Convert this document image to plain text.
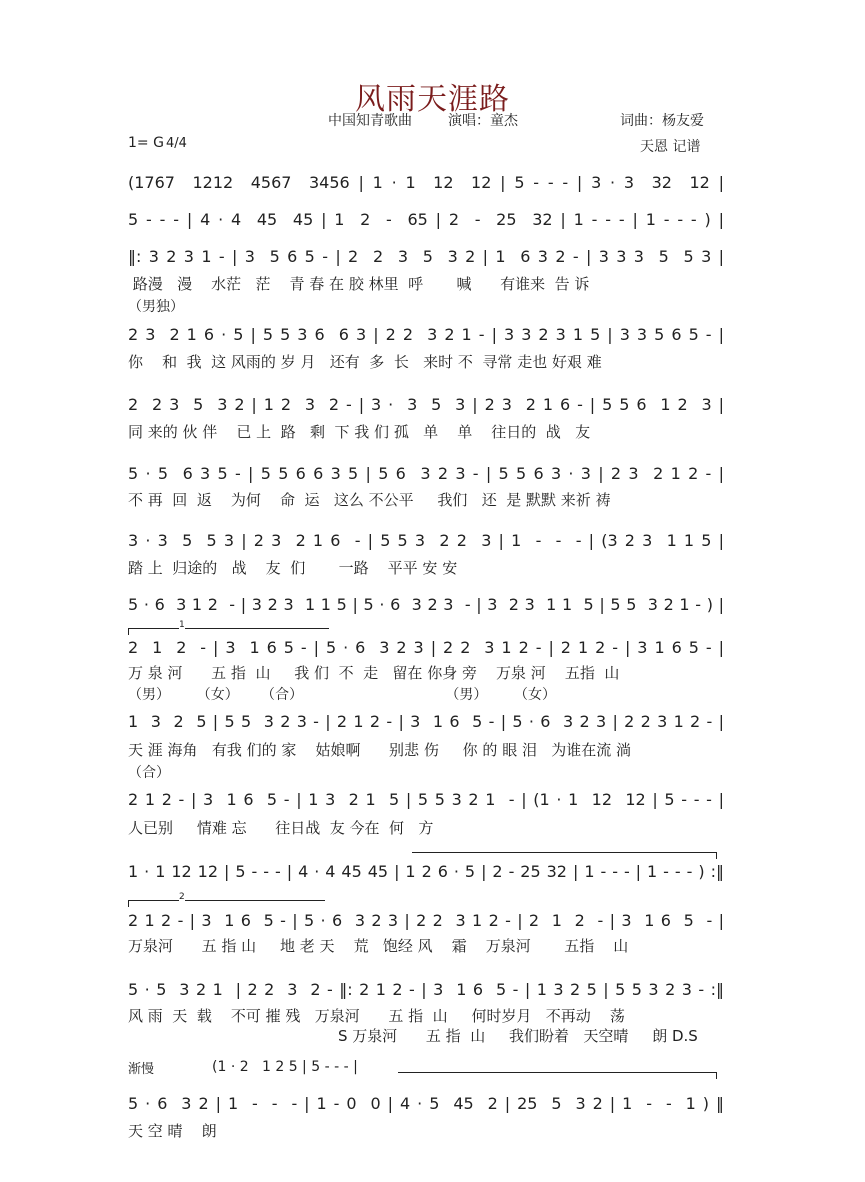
风雨天涯路
中国知青歌曲	演唱：童杰	词曲：杨友爱
1= G 4/4	天恩 记谱
(1767  1212  4567  3456 | 1 · 1  12  12 | 5 - - - | 3 · 3  32  12 |
5 - - - | 4 · 4  45  45 | 1  2  -  65 | 2  -  25  32 | 1 - - - | 1 - - - ) |
‖: 3 2 3 1 - | 3  5 6 5 - | 2  2  3  5  3 2 | 1  6 3 2 - | 3 3 3  5  5 3 |
路漫   漫    水茫   茫    青 春 在 胶 林里  呼       喊      有谁来  告 诉
（男独）
2 3  2 1 6 · 5 | 5 5 3 6  6 3 | 2 2  3 2 1 - | 3 3 2 3 1 5 | 3 3 5 6 5 - |
你    和  我  这 风雨的 岁 月   还有  多  长   来时 不  寻常 走也 好艰 难
2  2 3  5  3 2 | 1 2  3  2 - | 3 ·  3  5  3 | 2 3  2 1 6 - | 5 5 6  1 2  3 |
同 来的 伙 伴    已 上  路   剩  下 我 们 孤   单    单    往日的  战   友
5 · 5  6 3 5 - | 5 5 6 6 3 5 | 5 6  3 2 3 - | 5 5 6 3 · 3 | 2 3  2 1 2 - |
不 再  回  返    为何    命  运   这么 不公平     我们   还  是 默默 来祈 祷
3 · 3  5  5 3 | 2 3  2 1 6  - | 5 5 3  2 2  3 | 1  -  -  - | (3 2 3  1 1 5 |
踏 上  归途的   战    友  们       一路    平平 安 安
5 · 6  3 1 2  - | 3 2 3  1 1 5 | 5 · 6  3 2 3  - | 3  2 3  1 1  5 | 5 5  3 2 1 - ) |
1
2  1  2  - | 3  1 6 5 - | 5 · 6  3 2 3 | 2 2  3 1 2 - | 2 1 2 - | 3 1 6 5 - |
万 泉 河      五 指  山     我 们  不  走   留在 你身 旁    万泉 河    五指  山
（男）      （女）     （合）                                （男）      （女）
1  3  2  5 | 5 5  3 2 3 - | 2 1 2 - | 3  1 6  5 - | 5 · 6  3 2 3 | 2 2 3 1 2 - |
天 涯 海角   有我 们的 家    姑娘啊      别悲 伤     你 的 眼 泪   为谁在流 淌
（合）
2 1 2 - | 3  1 6  5 - | 1 3  2 1  5 | 5 5 3 2 1  - | (1 · 1  12  12 | 5 - - - |
人已别     情难 忘      往日战  友 今在  何   方
1 · 1 12 12 | 5 - - - | 4 · 4 45 45 | 1 2 6 · 5 | 2 - 25 32 | 1 - - - | 1 - - - ) :‖
2
2 1 2 - | 3  1 6  5 - | 5 · 6  3 2 3 | 2 2  3 1 2 - | 2  1  2  - | 3  1 6  5  - |
万泉河      五 指 山     地 老 天    荒   饱经 风    霜    万泉河       五指    山
5 · 5  3 2 1  | 2 2  3  2 - ‖: 2 1 2 - | 3  1 6  5 - | 1 3 2 5 | 5 5 3 2 3 - :‖
风 雨  天  载    不可 摧 残   万泉河      五 指  山     何时岁月   不再动    荡
S 万泉河      五 指  山     我们盼着   天空晴     朗 D.S
渐慢	(1 · 2   1 2 5 | 5 - - - |
5 · 6  3 2 | 1  -  -  - | 1 - 0  0 | 4 · 5  45  2 | 25  5  3 2 | 1  -  -  1 ) ‖
天 空 晴    朗
